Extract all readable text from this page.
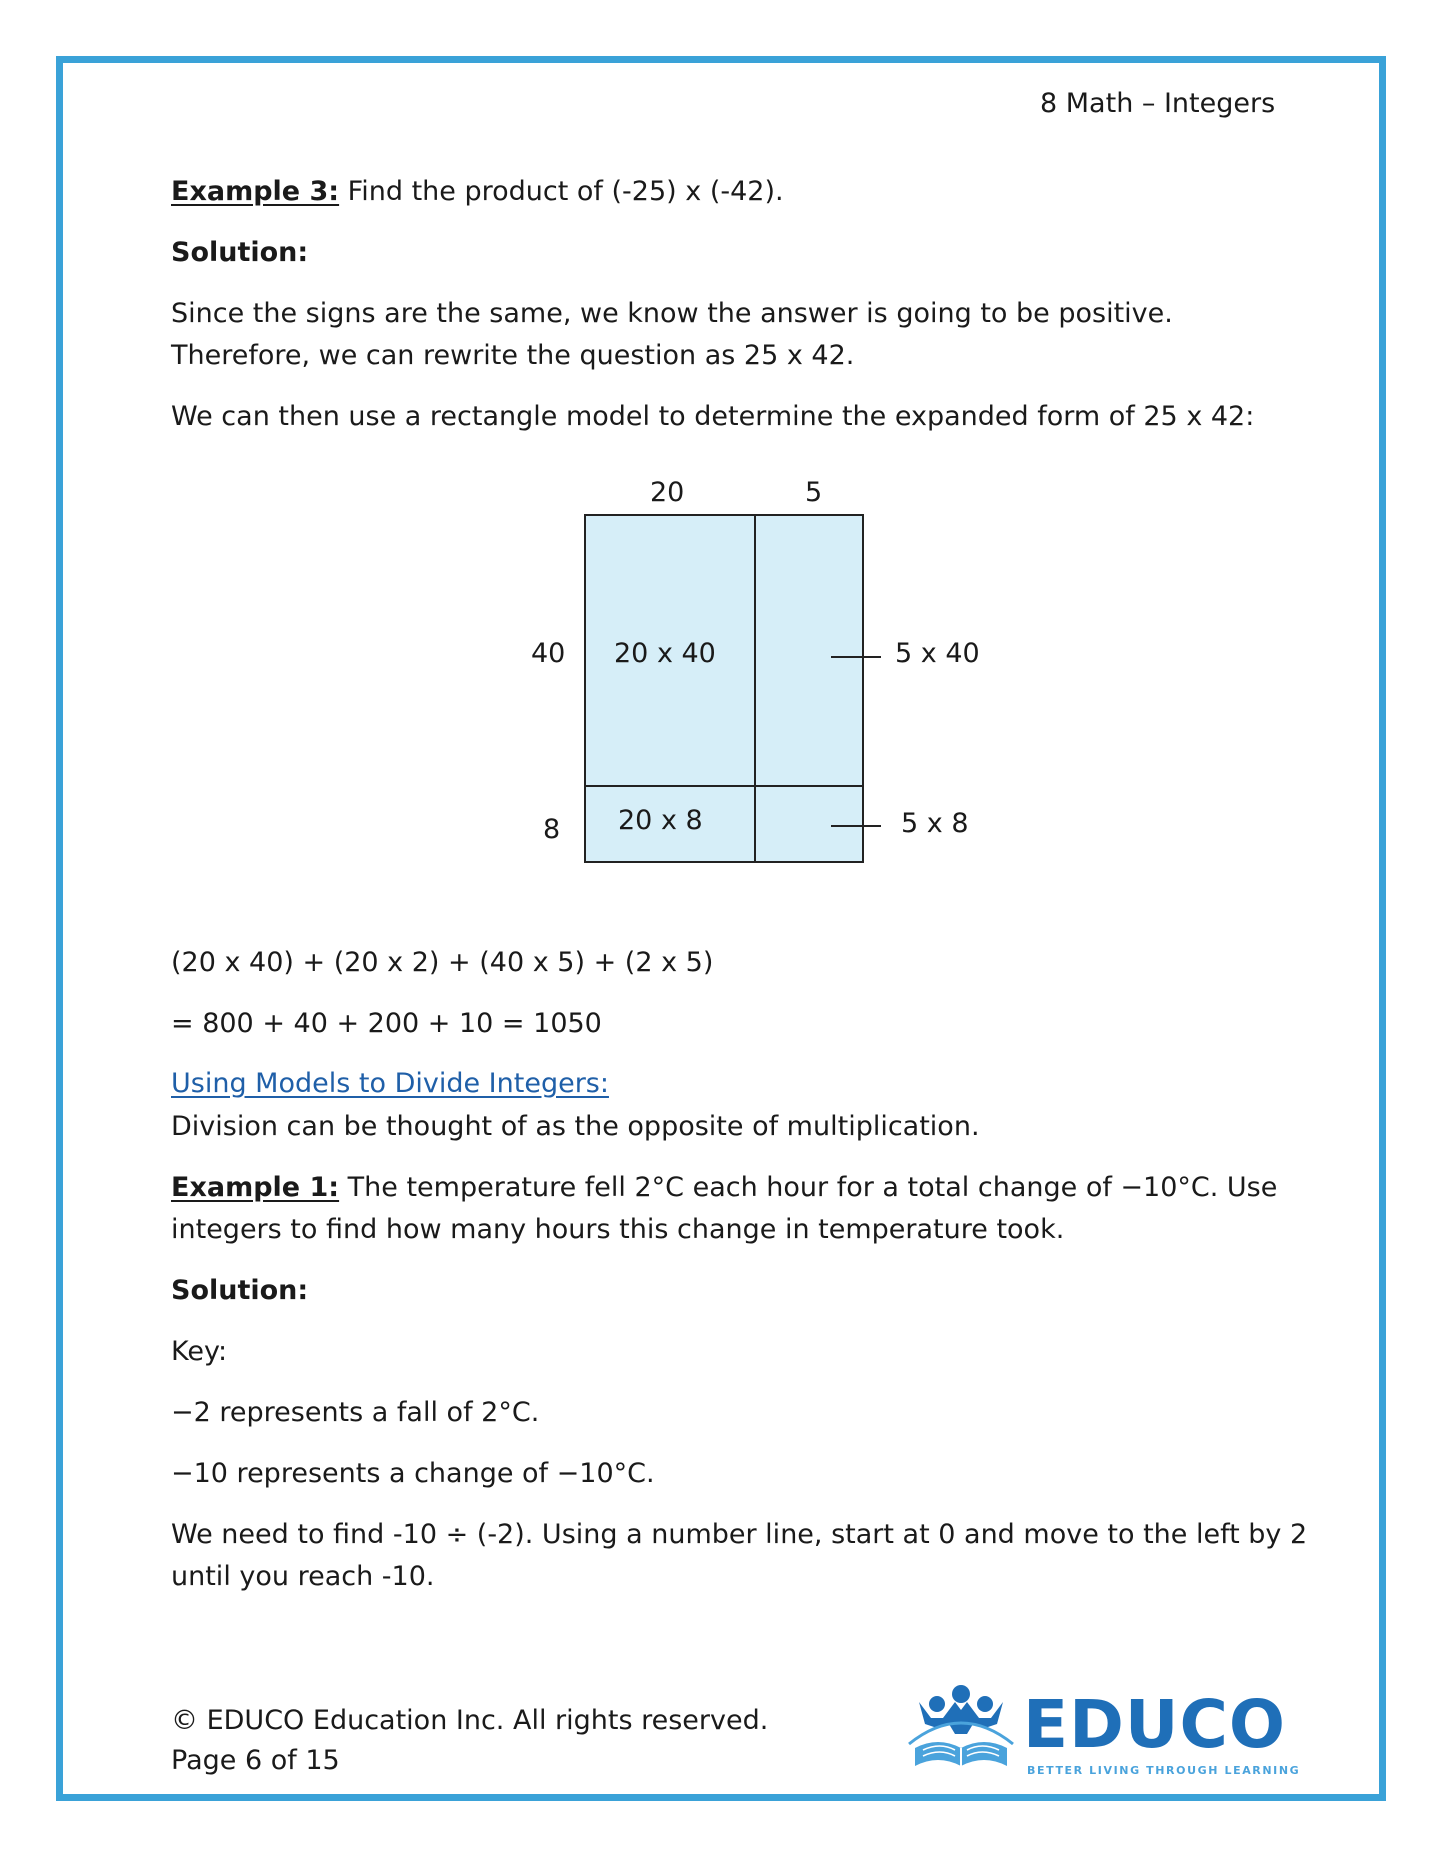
8 Math – Integers
Example 3: Find the product of (-25) x (-42).
Solution:
Since the signs are the same, we know the answer is going to be positive.
Therefore, we can rewrite the question as 25 x 42.
We can then use a rectangle model to determine the expanded form of 25 x 42:
20	5
40
8
20 x 40
20 x 8
5 x 40
5 x 8
(20 x 40) + (20 x 2) + (40 x 5) + (2 x 5)
= 800 + 40 + 200 + 10 = 1050
Using Models to Divide Integers:
Division can be thought of as the opposite of multiplication.
Example 1: The temperature fell 2°C each hour for a total change of −10°C. Use
integers to find how many hours this change in temperature took.
Solution:
Key:
−2 represents a fall of 2°C.
−10 represents a change of −10°C.
We need to find -10 ÷ (-2). Using a number line, start at 0 and move to the left by 2
until you reach -10.
© EDUCO Education Inc. All rights reserved.
Page 6 of 15	EDUCO
BETTER LIVING THROUGH LEARNING
